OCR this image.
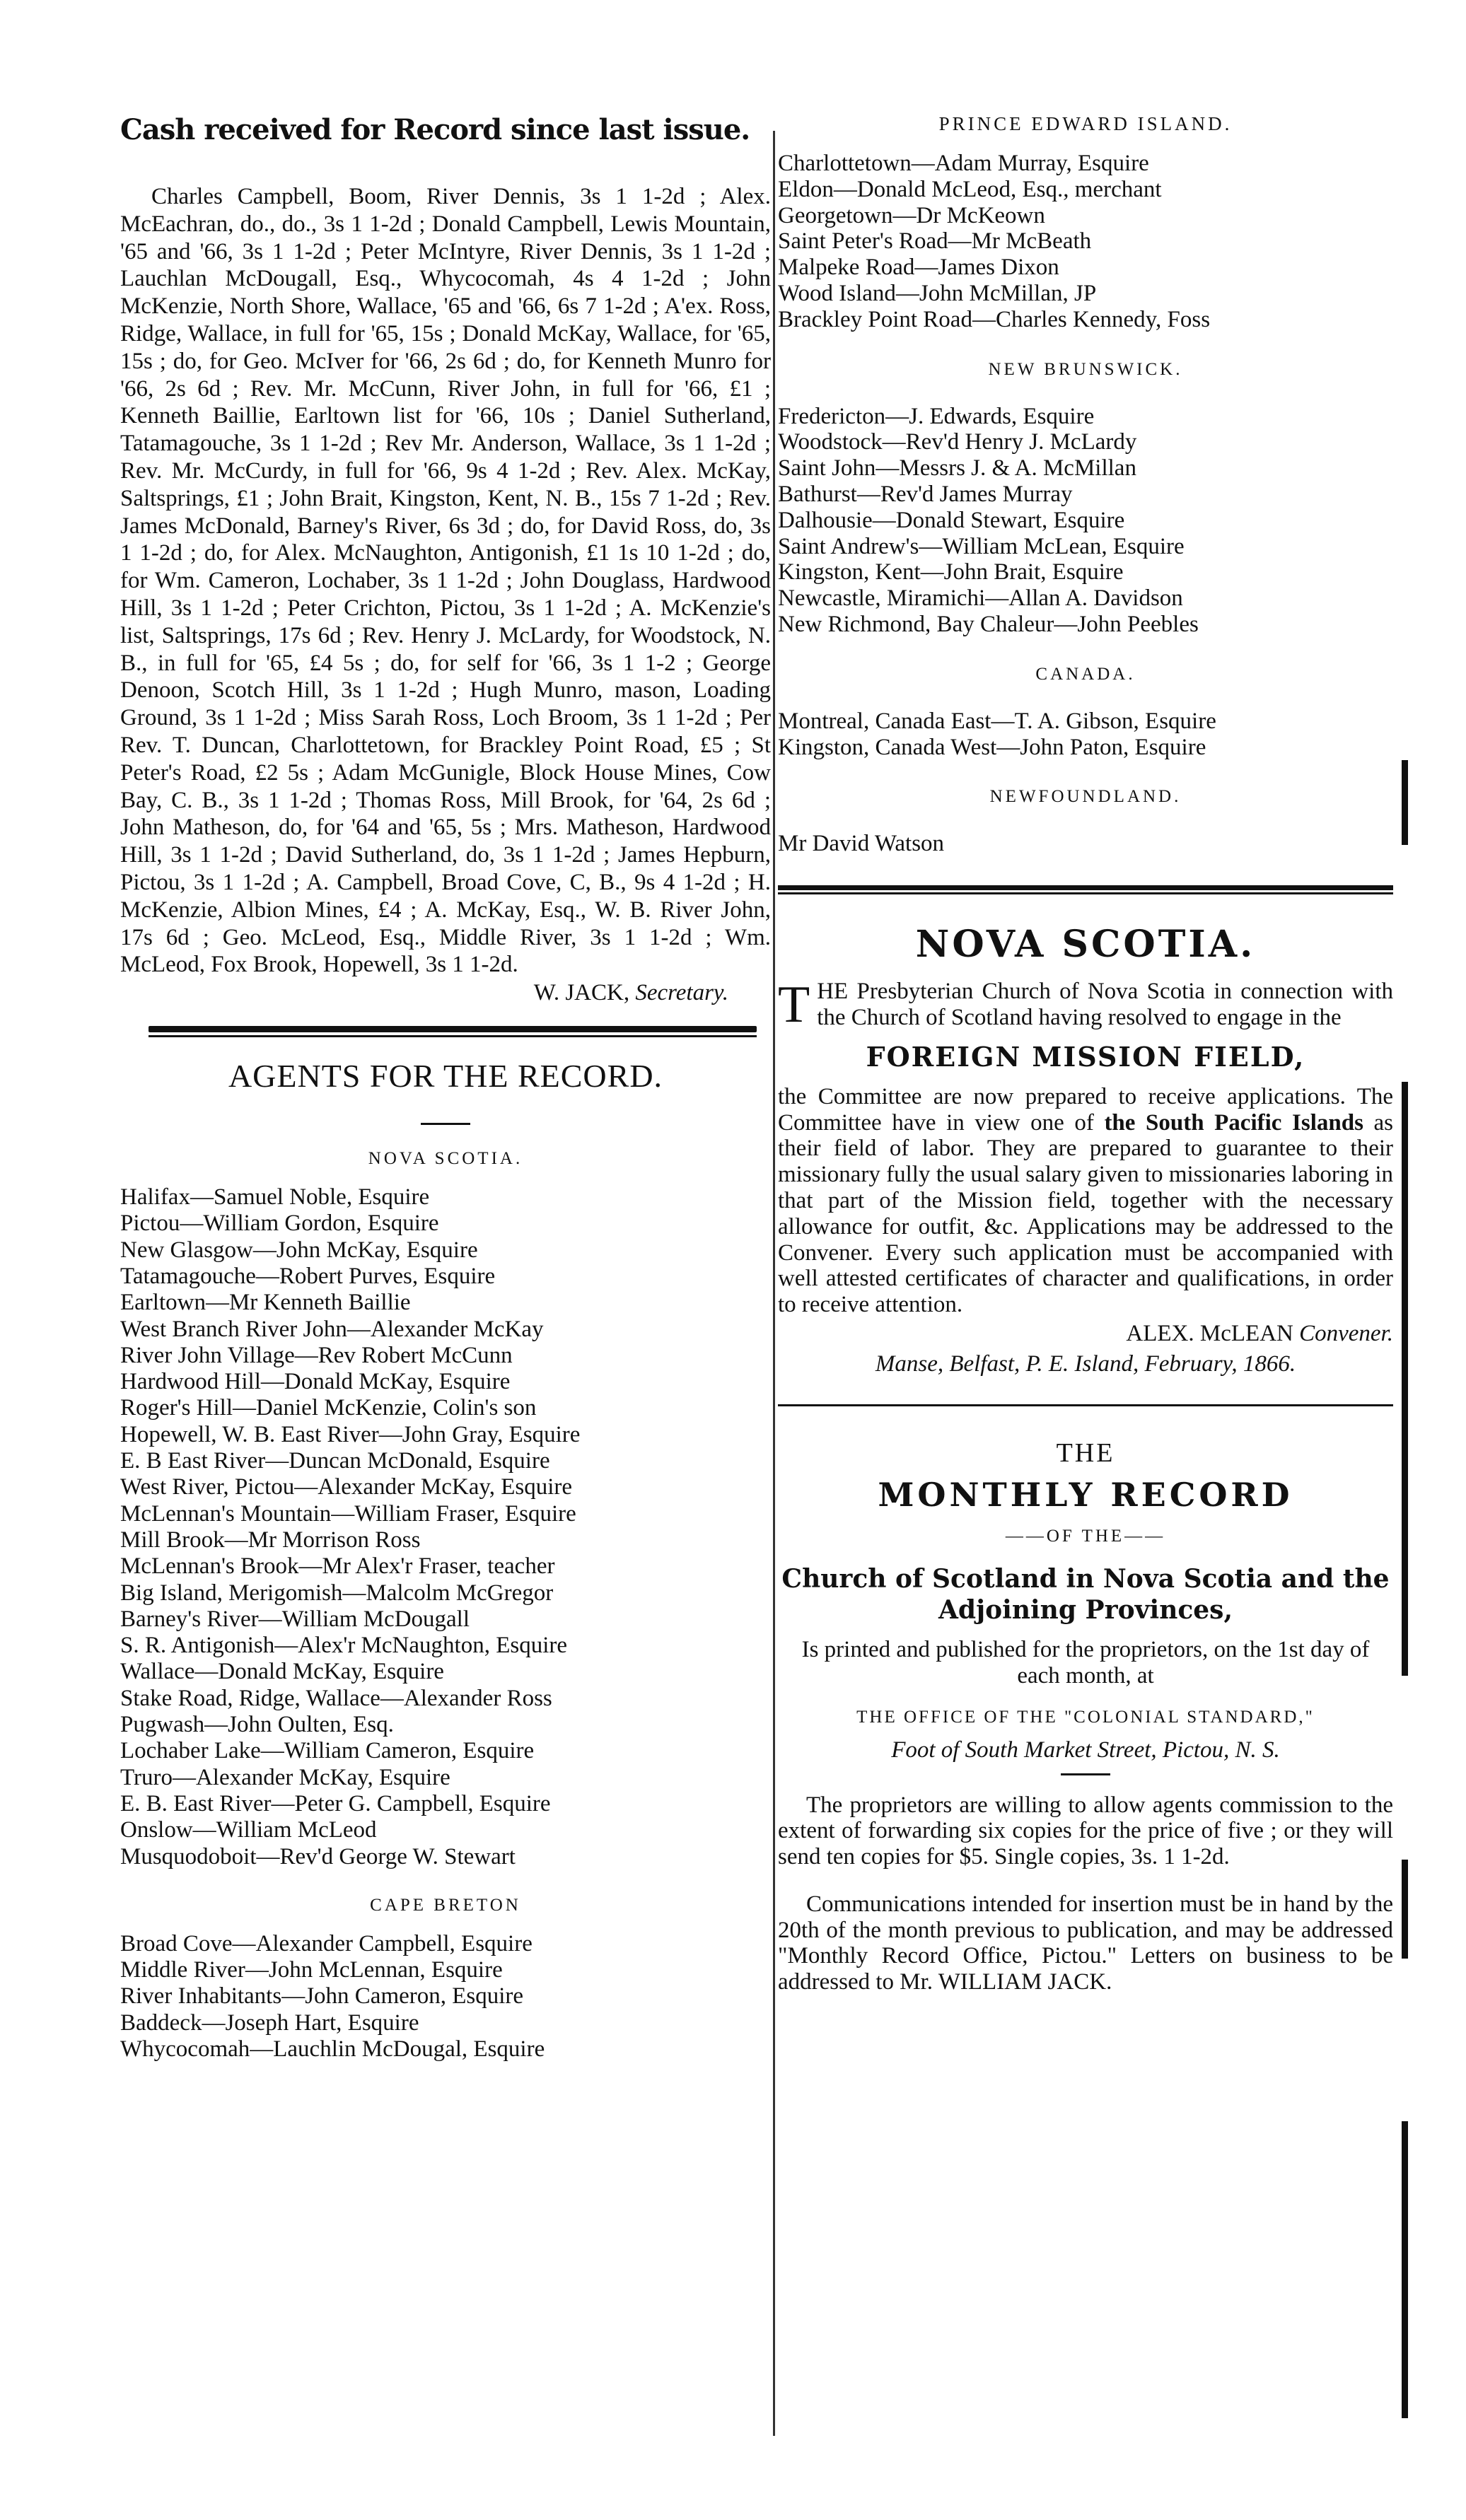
Cash received for Record since last issue.

Charles Campbell, Boom, River Dennis, 3s 1 1-2d ; Alex. McEachran, do., do., 3s 1 1-2d ; Donald Campbell, Lewis Mountain, '65 and '66, 3s 1 1-2d ; Peter McIntyre, River Dennis, 3s 1 1-2d ; Lauchlan McDougall, Esq., Whycocomah, 4s 4 1-2d ; John McKenzie, North Shore, Wallace, '65 and '66, 6s 7 1-2d ; A'ex. Ross, Ridge, Wallace, in full for '65, 15s ; Donald McKay, Wallace, for '65, 15s ; do, for Geo. McIver for '66, 2s 6d ; do, for Kenneth Munro for '66, 2s 6d ; Rev. Mr. McCunn, River John, in full for '66, £1 ; Kenneth Baillie, Earltown list for '66, 10s ; Daniel Sutherland, Tatamagouche, 3s 1 1-2d ; Rev Mr. Anderson, Wallace, 3s 1 1-2d ; Rev. Mr. McCurdy, in full for '66, 9s 4 1-2d ; Rev. Alex. McKay, Saltsprings, £1 ; John Brait, Kingston, Kent, N. B., 15s 7 1-2d ; Rev. James McDonald, Barney's River, 6s 3d ; do, for David Ross, do, 3s 1 1-2d ; do, for Alex. McNaughton, Antigonish, £1 1s 10 1-2d ; do, for Wm. Cameron, Lochaber, 3s 1 1-2d ; John Douglass, Hardwood Hill, 3s 1 1-2d ; Peter Crichton, Pictou, 3s 1 1-2d ; A. McKenzie's list, Saltsprings, 17s 6d ; Rev. Henry J. McLardy, for Woodstock, N. B., in full for '65, £4 5s ; do, for self for '66, 3s 1 1-2 ; George Denoon, Scotch Hill, 3s 1 1-2d ; Hugh Munro, mason, Loading Ground, 3s 1 1-2d ; Miss Sarah Ross, Loch Broom, 3s 1 1-2d ; Per Rev. T. Duncan, Charlottetown, for Brackley Point Road, £5 ; St Peter's Road, £2 5s ; Adam McGunigle, Block House Mines, Cow Bay, C. B., 3s 1 1-2d ; Thomas Ross, Mill Brook, for '64, 2s 6d ; John Matheson, do, for '64 and '65, 5s ; Mrs. Matheson, Hardwood Hill, 3s 1 1-2d ; David Sutherland, do, 3s 1 1-2d ; James Hepburn, Pictou, 3s 1 1-2d ; A. Campbell, Broad Cove, C, B., 9s 4 1-2d ; H. McKenzie, Albion Mines, £4 ; A. McKay, Esq., W. B. River John, 17s 6d ; Geo. McLeod, Esq., Middle River, 3s 1 1-2d ; Wm. McLeod, Fox Brook, Hopewell, 3s 1 1-2d.

W. JACK, Secretary.
AGENTS FOR THE RECORD.
NOVA SCOTIA.
Halifax—Samuel Noble, Esquire
Pictou—William Gordon, Esquire
New Glasgow—John McKay, Esquire
Tatamagouche—Robert Purves, Esquire
Earltown—Mr Kenneth Baillie
West Branch River John—Alexander McKay
River John Village—Rev Robert McCunn
Hardwood Hill—Donald McKay, Esquire
Roger's Hill—Daniel McKenzie, Colin's son
Hopewell, W. B. East River—John Gray, Esquire
E. B East River—Duncan McDonald, Esquire
West River, Pictou—Alexander McKay, Esquire
McLennan's Mountain—William Fraser, Esquire
Mill Brook—Mr Morrison Ross
McLennan's Brook—Mr Alex'r Fraser, teacher
Big Island, Merigomish—Malcolm McGregor
Barney's River—William McDougall
S. R. Antigonish—Alex'r McNaughton, Esquire
Wallace—Donald McKay, Esquire
Stake Road, Ridge, Wallace—Alexander Ross
Pugwash—John Oulten, Esq.
Lochaber Lake—William Cameron, Esquire
Truro—Alexander McKay, Esquire
E. B. East River—Peter G. Campbell, Esquire
Onslow—William McLeod
Musquodoboit—Rev'd George W. Stewart
CAPE BRETON
Broad Cove—Alexander Campbell, Esquire
Middle River—John McLennan, Esquire
River Inhabitants—John Cameron, Esquire
Baddeck—Joseph Hart, Esquire
Whycocomah—Lauchlin McDougal, Esquire
PRINCE EDWARD ISLAND.
Charlottetown—Adam Murray, Esquire
Eldon—Donald McLeod, Esq., merchant
Georgetown—Dr McKeown
Saint Peter's Road—Mr McBeath
Malpeke Road—James Dixon
Wood Island—John McMillan, JP
Brackley Point Road—Charles Kennedy, Foss
NEW BRUNSWICK.
Fredericton—J. Edwards, Esquire
Woodstock—Rev'd Henry J. McLardy
Saint John—Messrs J. & A. McMillan
Bathurst—Rev'd James Murray
Dalhousie—Donald Stewart, Esquire
Saint Andrew's—William McLean, Esquire
Kingston, Kent—John Brait, Esquire
Newcastle, Miramichi—Allan A. Davidson
New Richmond, Bay Chaleur—John Peebles
CANADA.
Montreal, Canada East—T. A. Gibson, Esquire
Kingston, Canada West—John Paton, Esquire
NEWFOUNDLAND.
Mr David Watson
NOVA SCOTIA.

THE Presbyterian Church of Nova Scotia in connection with the Church of Scotland having resolved to engage in the

FOREIGN MISSION FIELD,

the Committee are now prepared to receive applications. The Committee have in view one of the South Pacific Islands as their field of labor. They are prepared to guarantee to their missionary fully the usual salary given to missionaries laboring in that part of the Mission field, together with the necessary allowance for outfit, &c. Applications may be addressed to the Convener. Every such application must be accompanied with well attested certificates of character and qualifications, in order to receive attention.

ALEX. McLEAN Convener.
Manse, Belfast, P. E. Island, February, 1866.
THE
MONTHLY RECORD
——OF THE——
Church of Scotland in Nova Scotia and the Adjoining Provinces,
Is printed and published for the proprietors, on the 1st day of each month, at
THE OFFICE OF THE "COLONIAL STANDARD,"
Foot of South Market Street, Pictou, N. S.

The proprietors are willing to allow agents commission to the extent of forwarding six copies for the price of five ; or they will send ten copies for $5. Single copies, 3s. 1 1-2d.

Communications intended for insertion must be in hand by the 20th of the month previous to publication, and may be addressed "Monthly Record Office, Pictou." Letters on business to be addressed to Mr. WILLIAM JACK.
